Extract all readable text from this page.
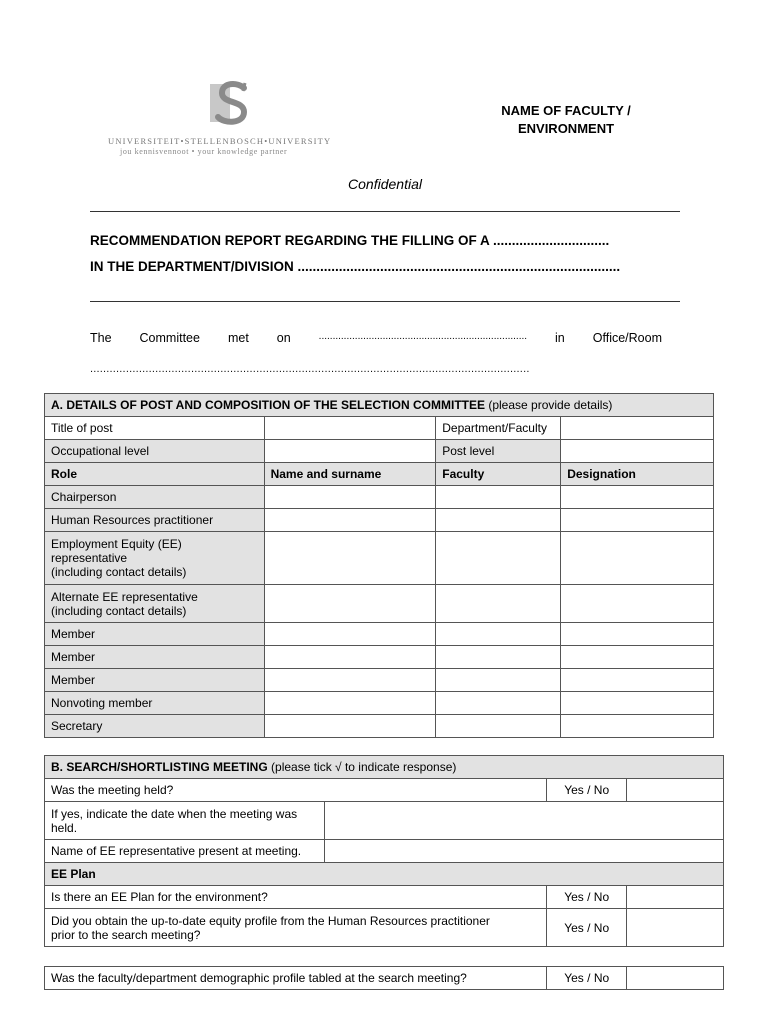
UNIVERSITEIT•STELLENBOSCH•UNIVERSITY
jou kennisvennoot • your knowledge partner
NAME OF FACULTY /
ENVIRONMENT
Confidential
RECOMMENDATION REPORT REGARDING THE FILLING OF A ...............................
IN THE DEPARTMENT/DIVISION ......................................................................................
The Committee met on	........................................................................... in Office/Room
.......................................................................................................................................
A. DETAILS OF POST AND COMPOSITION OF THE SELECTION COMMITTEE (please provide details)			
Title of post		Department/Faculty	
Occupational level		Post level	
Role	Name and surname	Faculty	Designation
Chairperson			
Human Resources practitioner			

Employment Equity (EE)
representative
(including contact details)			

Alternate EE representative
(including contact details)			

Member			
Member			
Member			
Nonvoting member			
Secretary			
B. SEARCH/SHORTLISTING MEETING (please tick √ to indicate response)			
Was the meeting held?		Yes / No	

If yes, indicate the date when the meeting was
held.			

Name of EE representative present at meeting.			
EE Plan			
Is there an EE Plan for the environment?		Yes / No	

Did you obtain the up-to-date equity profile from the Human Resources practitioner
prior to the search meeting?		Yes / No	
Was the faculty/department demographic profile tabled at the search meeting?	Yes / No	
